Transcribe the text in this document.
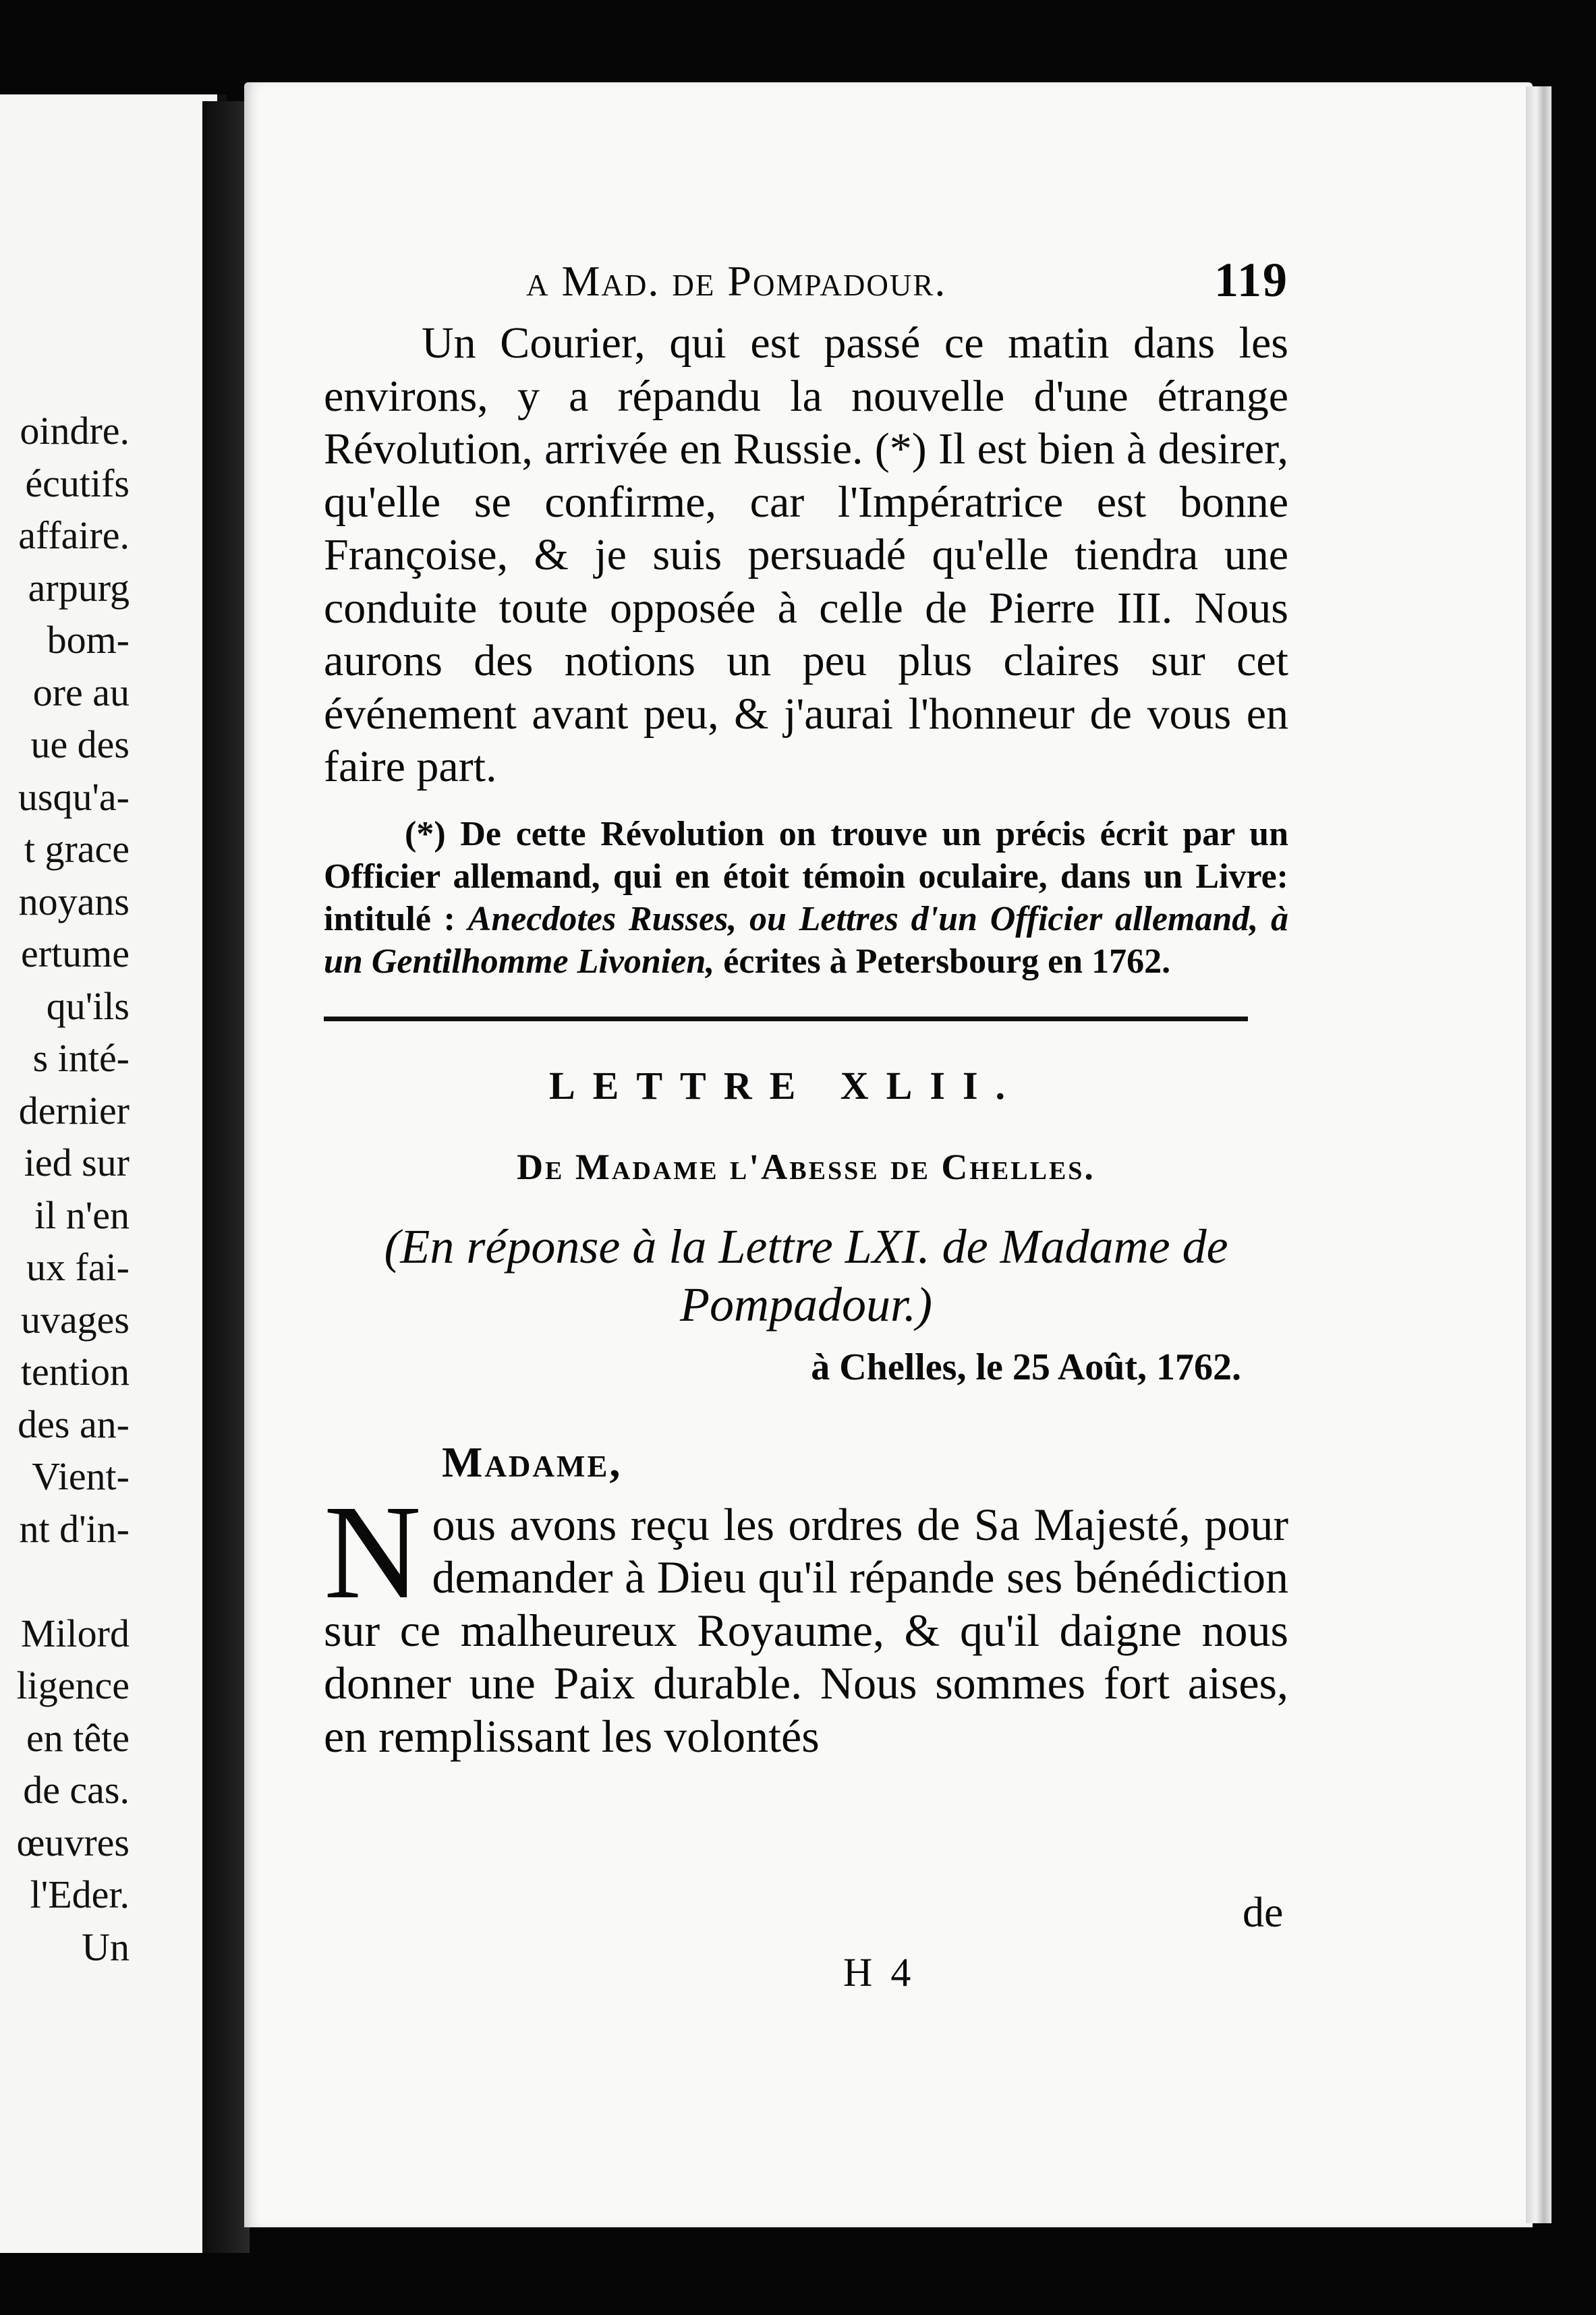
oindre.
écutifs
affaire.
arpurg
bom-
ore au
ue des
usqu'a-
t grace
noyans
ertume
qu'ils
s inté-
dernier
ied sur
il n'en
ux fai-
uvages
tention
des an-
Vient-
nt d'in-
Milord
ligence
en tête
de cas.
œuvres
l'Eder.
Un
a Mad. de Pompadour.	119

Un Courier, qui est passé ce matin dans les environs, y a répandu la nouvelle d'une étrange Révolution, arrivée en Russie. (*) Il est bien à desirer, qu'elle se confirme, car l'Impératrice est bonne Françoise, & je suis persuadé qu'elle tiendra une conduite toute opposée à celle de Pierre III. Nous aurons des notions un peu plus claires sur cet événement avant peu, & j'aurai l'honneur de vous en faire part.

(*) De cette Révolution on trouve un précis écrit par un Officier allemand, qui en étoit témoin oculaire, dans un Livre: intitulé : Anecdotes Russes, ou Lettres d'un Officier allemand, à un Gentilhomme Livonien, écrites à Petersbourg en 1762.

LETTRE XLII.
De Madame l'Abesse de Chelles.
(En réponse à la Lettre LXI. de Madame de
Pompadour.)
à Chelles, le 25 Août, 1762.
Madame,
N ous avons reçu les ordres de Sa Majesté, pour demander à Dieu qu'il répande ses bénédiction sur ce malheureux Royaume, & qu'il daigne nous donner une Paix durable. Nous sommes fort aises, en remplissant les volontés
de
H 4
